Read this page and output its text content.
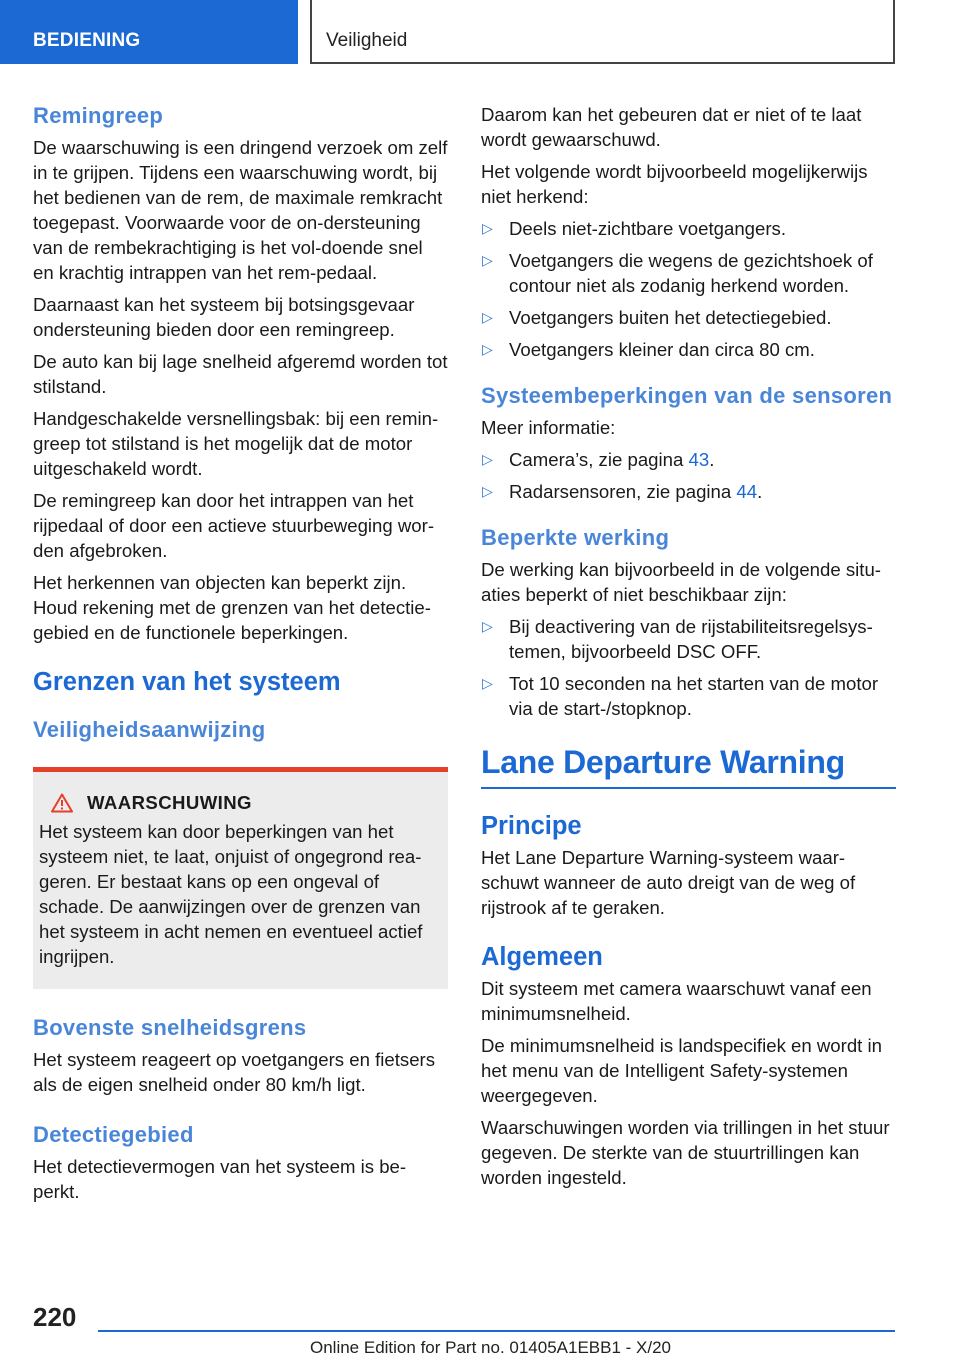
BEDIENING	Veiligheid
Remingreep

De waarschuwing is een dringend verzoek om zelf in te grijpen. Tijdens een waarschuwing wordt, bij het bedienen van de rem, de maximale remkracht toegepast. Voorwaarde voor de on-dersteuning van de rembekrachtiging is het vol-doende snel en krachtig intrappen van het rem-pedaal.

Daarnaast kan het systeem bij botsingsgevaar ondersteuning bieden door een remingreep.

De auto kan bij lage snelheid afgeremd worden tot stilstand.

Handgeschakelde versnellingsbak: bij een remin-greep tot stilstand is het mogelijk dat de motor uitgeschakeld wordt.

De remingreep kan door het intrappen van het rijpedaal of door een actieve stuurbeweging wor-den afgebroken.

Het herkennen van objecten kan beperkt zijn. Houd rekening met de grenzen van het detectie-gebied en de functionele beperkingen.

Grenzen van het systeem
Veiligheidsaanwijzing
WAARSCHUWING

Het systeem kan door beperkingen van het systeem niet, te laat, onjuist of ongegrond rea-geren. Er bestaat kans op een ongeval of schade. De aanwijzingen over de grenzen van het systeem in acht nemen en eventueel actief ingrijpen.

Bovenste snelheidsgrens

Het systeem reageert op voetgangers en fietsers als de eigen snelheid onder 80 km/h ligt.

Detectiegebied

Het detectievermogen van het systeem is be-perkt.

Daarom kan het gebeuren dat er niet of te laat wordt gewaarschuwd.

Het volgende wordt bijvoorbeeld mogelijkerwijs niet herkend:

▷ Deels niet-zichtbare voetgangers.
▷ Voetgangers die wegens de gezichtshoek of contour niet als zodanig herkend worden.
▷ Voetgangers buiten het detectiegebied.
▷ Voetgangers kleiner dan circa 80 cm.
Systeembeperkingen van de sensoren

Meer informatie:

▷ Camera’s, zie pagina 43.
▷ Radarsensoren, zie pagina 44.
Beperkte werking

De werking kan bijvoorbeeld in de volgende situ-aties beperkt of niet beschikbaar zijn:

▷ Bij deactivering van de rijstabiliteitsregelsys-temen, bijvoorbeeld DSC OFF.
▷ Tot 10 seconden na het starten van de motor via de start-/stopknop.
Lane Departure Warning
Principe

Het Lane Departure Warning-systeem waar-schuwt wanneer de auto dreigt van de weg of rijstrook af te geraken.

Algemeen

Dit systeem met camera waarschuwt vanaf een minimumsnelheid.

De minimumsnelheid is landspecifiek en wordt in het menu van de Intelligent Safety-systemen weergegeven.

Waarschuwingen worden via trillingen in het stuur gegeven. De sterkte van de stuurtrillingen kan worden ingesteld.

220
Online Edition for Part no. 01405A1EBB1 - X/20
